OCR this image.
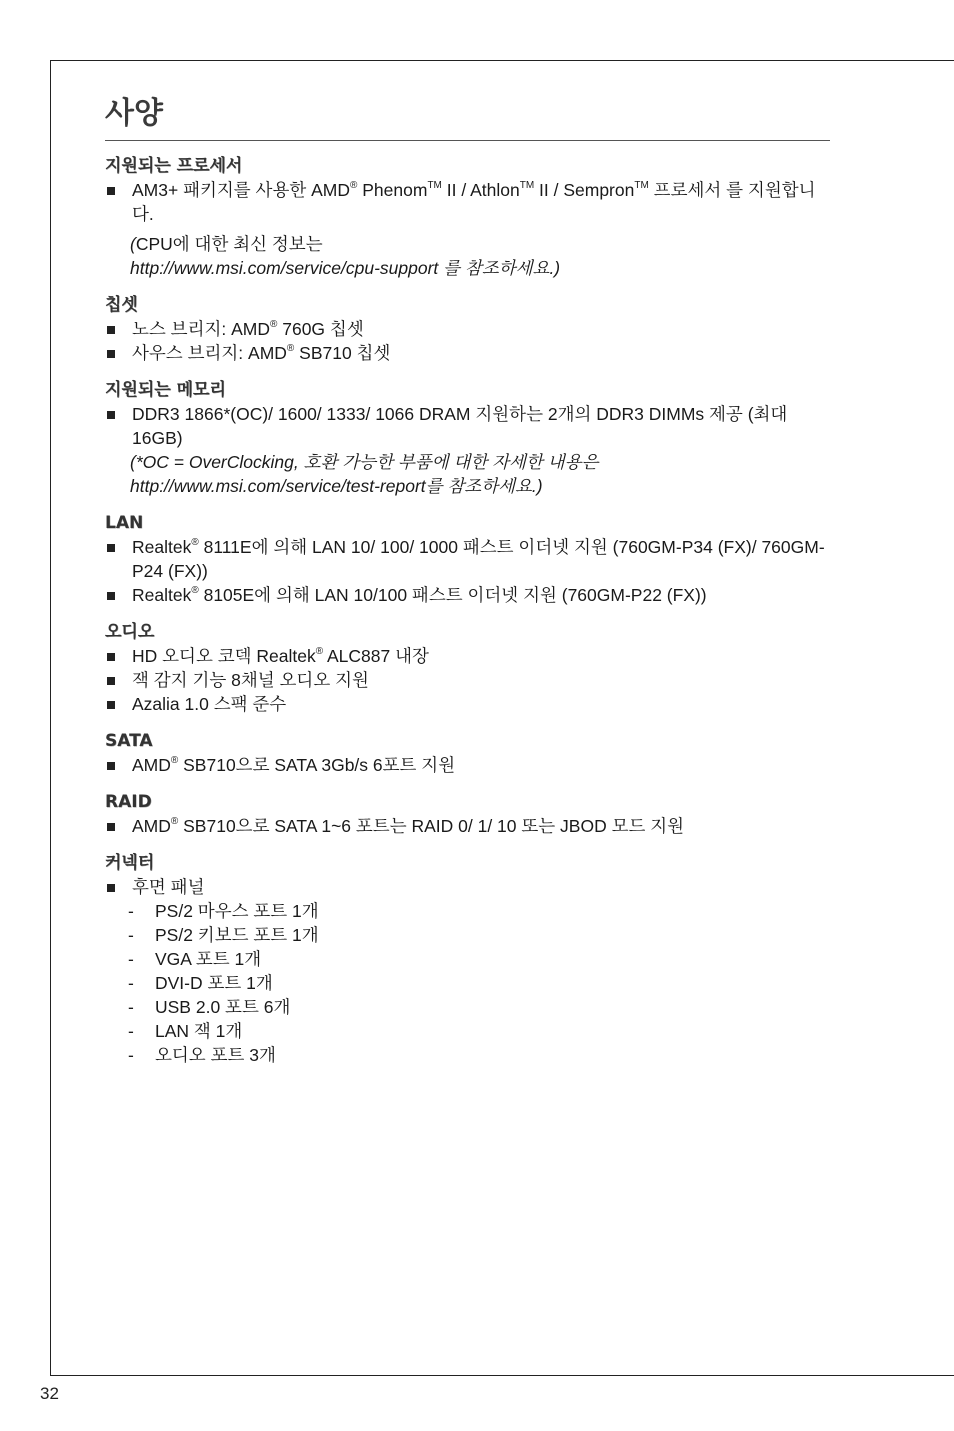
32
사양
지원되는 프로세서
AM3+ 패키지를 사용한 AMD® Phenom™ II / Athlon™ II / Sempron™ 프로세서 를 지원합니다.
(CPU에 대한 최신 정보는
http://www.msi.com/service/cpu-support 를 참조하세요.)
칩셋
노스 브리지: AMD® 760G 칩셋
사우스 브리지: AMD® SB710 칩셋
지원되는 메모리
DDR3 1866*(OC)/ 1600/ 1333/ 1066 DRAM 지원하는 2개의 DDR3 DIMMs 제공 (최대 16GB)
(*OC = OverClocking, 호환 가능한 부품에 대한 자세한 내용은 http://www.msi.com/service/test-report를 참조하세요.)
LAN
Realtek® 8111E에 의해 LAN 10/ 100/ 1000 패스트 이더넷 지원 (760GM-P34 (FX)/ 760GM-P24 (FX))
Realtek® 8105E에 의해 LAN 10/100 패스트 이더넷 지원 (760GM-P22 (FX))
오디오
HD 오디오 코덱 Realtek® ALC887 내장
잭 감지 기능 8채널 오디오 지원
Azalia 1.0 스팩 준수
SATA
AMD® SB710으로 SATA 3Gb/s 6포트 지원
RAID
AMD® SB710으로 SATA 1~6 포트는 RAID 0/ 1/ 10 또는 JBOD 모드 지원
커넥터
후면 패널
- PS/2 마우스 포트 1개
- PS/2 키보드 포트 1개
- VGA 포트 1개
- DVI-D 포트 1개
- USB 2.0 포트 6개
- LAN 잭 1개
- 오디오 포트 3개
